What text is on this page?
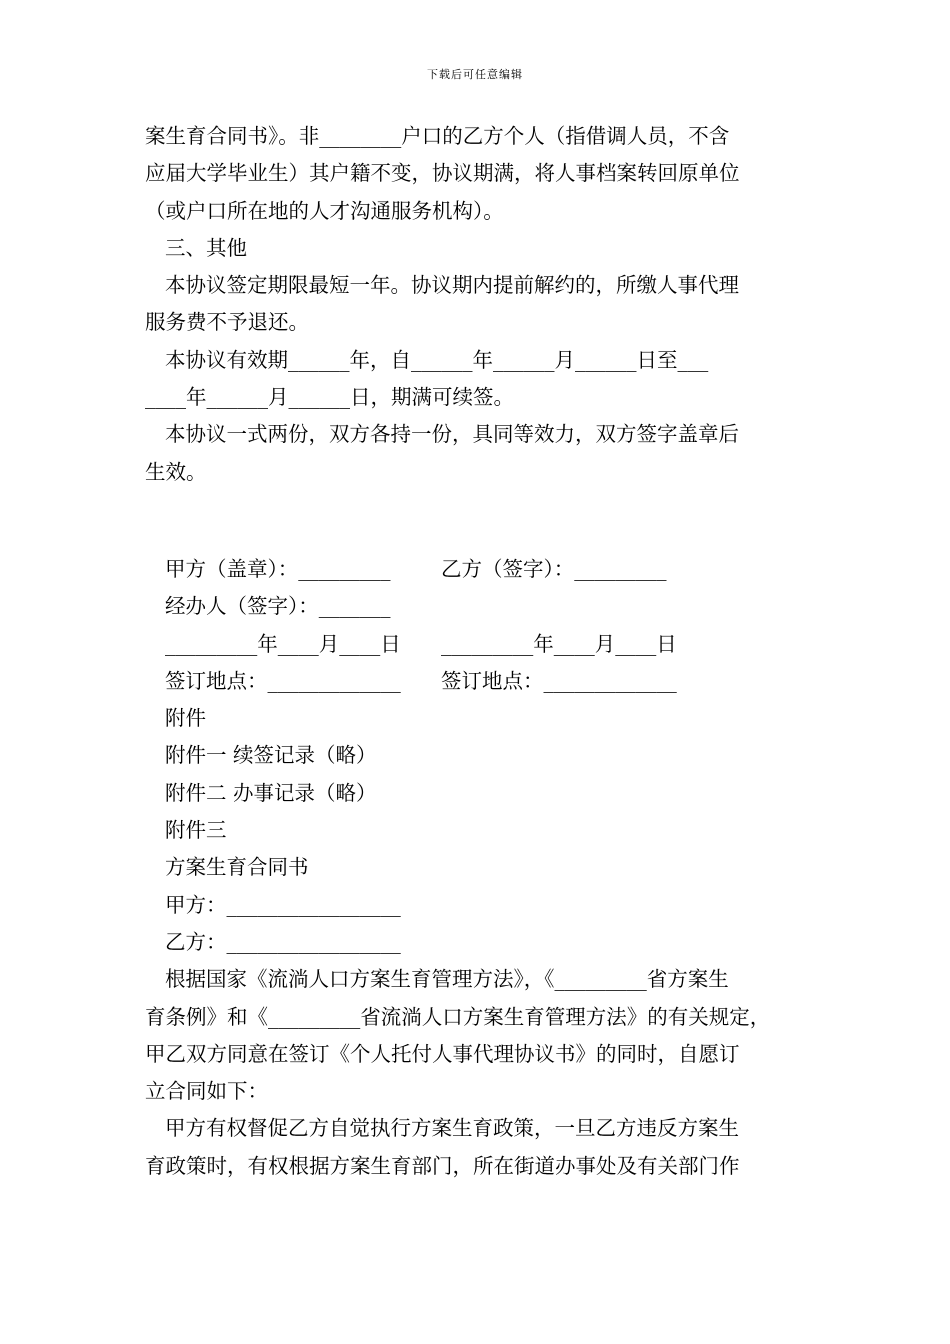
下载后可任意编辑
案生育合同书》。非________户口的乙方个人（指借调人员，不含
应届大学毕业生）其户籍不变，协议期满，将人事档案转回原单位
（或户口所在地的人才沟通服务机构）。
三、其他
本协议签定期限最短一年。协议期内提前解约的，所缴人事代理
服务费不予退还。
本协议有效期______年，自______年______月______日至___
____年______月______日，期满可续签。
本协议一式两份，双方各持一份，具同等效力，双方签字盖章后
生效。
甲方（盖章）：_________ 乙方（签字）：_________
经办人（签字）：_______
_________年____月____日 _________年____月____日
签订地点：_____________ 签订地点：_____________
附件
附件一 续签记录（略）
附件二 办事记录（略）
附件三
方案生育合同书
甲方：_________________
乙方：_________________
根据国家《流淌人口方案生育管理方法》，《_________省方案生
育条例》和《_________省流淌人口方案生育管理方法》的有关规定，
甲乙双方同意在签订《个人托付人事代理协议书》的同时，自愿订
立合同如下：
甲方有权督促乙方自觉执行方案生育政策，一旦乙方违反方案生
育政策时，有权根据方案生育部门，所在街道办事处及有关部门作
